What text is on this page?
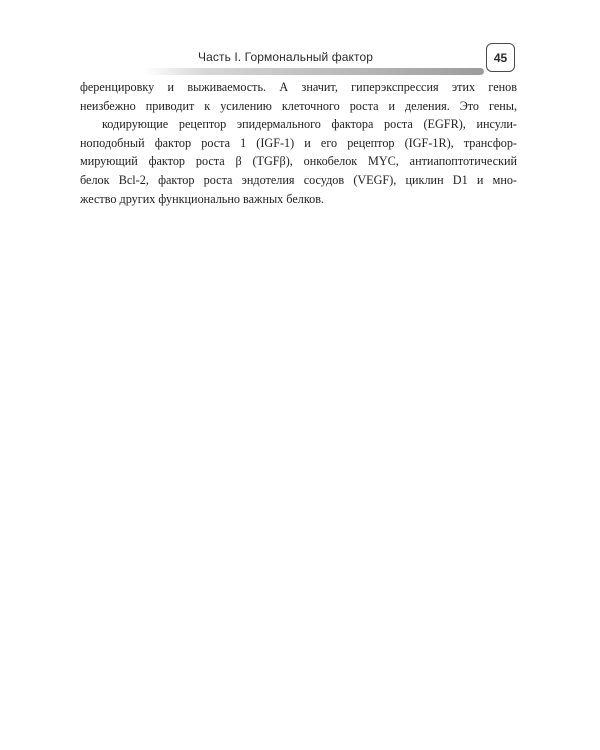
Часть I. Гормональный фактор	45
ференцировку и выживаемость. А значит, гиперэкспрессия этих генов
неизбежно приводит к усилению клеточного роста и деления. Это гены,
кодирующие рецептор эпидермального фактора роста (EGFR), инсули-
ноподобный фактор роста 1 (IGF-1) и его рецептор (IGF-1R), трансфор-
мирующий фактор роста β (TGFβ), онкобелок MYC, антиапоптотический
белок Bcl-2, фактор роста эндотелия сосудов (VEGF), циклин D1 и мно-
жество других функционально важных белков.
